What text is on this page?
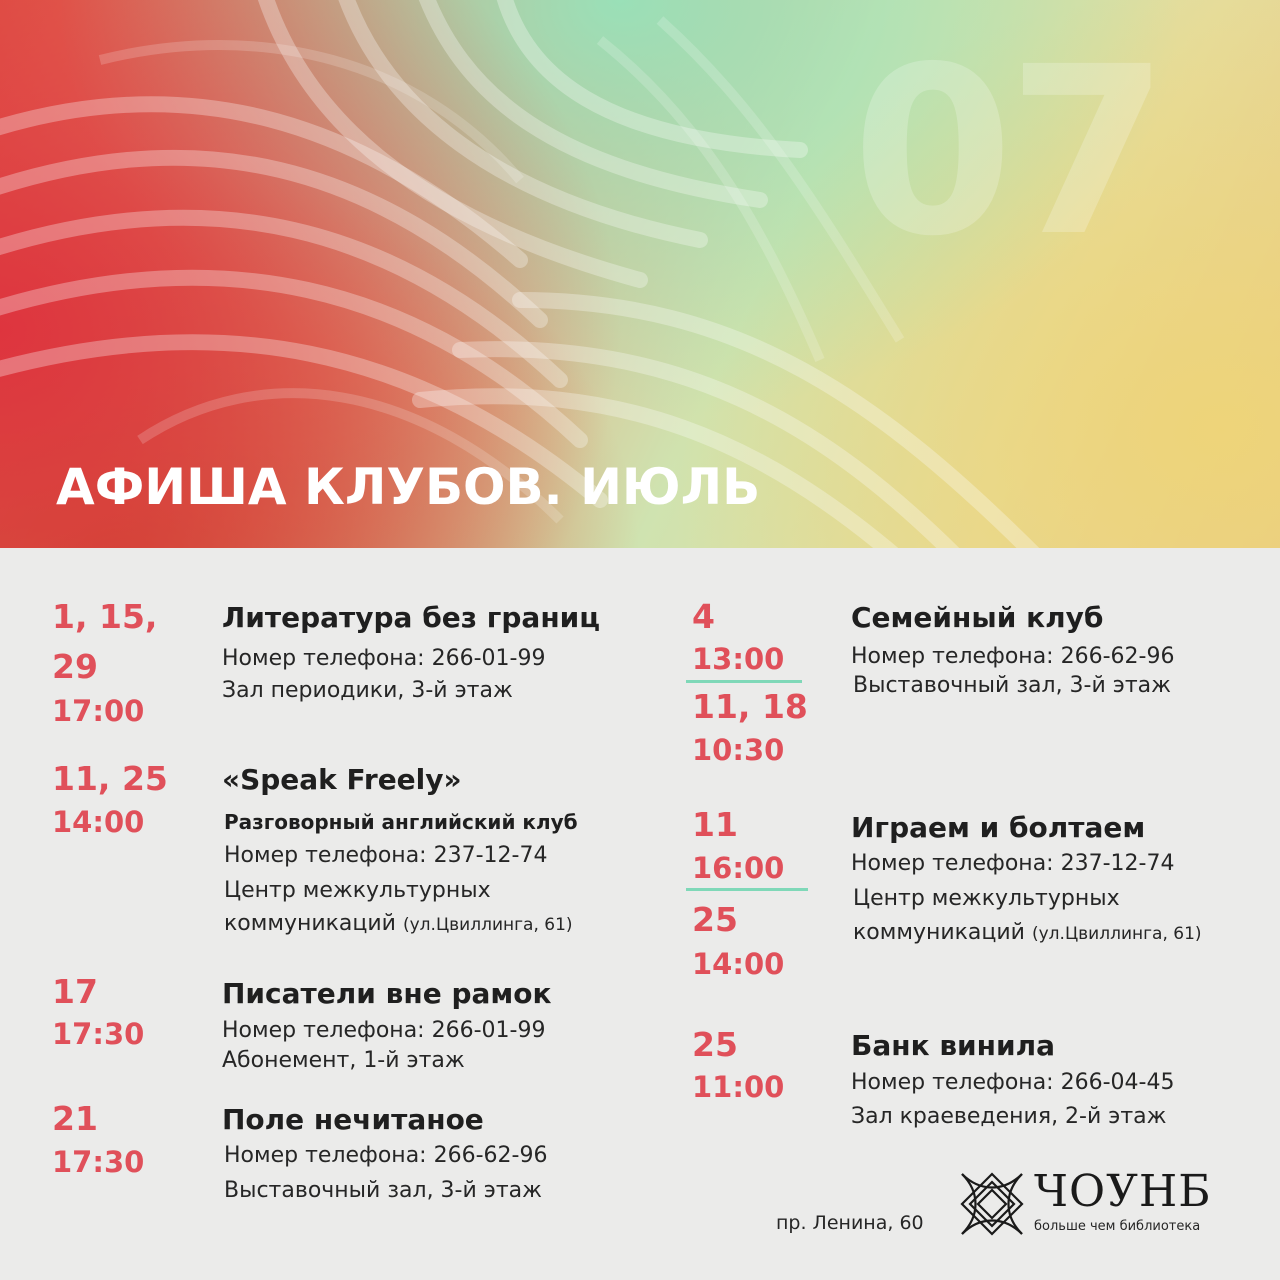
07
АФИША КЛУБОВ. ИЮЛЬ
1, 15,
29
17:00
Литература без границ
Номер телефона: 266-01-99
Зал периодики, 3-й этаж
11, 25
14:00
«Speak Freely»
Разговорный английский клуб
Номер телефона: 237-12-74
Центр межкультурных
коммуникаций (ул.Цвиллинга, 61)
17
17:30
Писатели вне рамок
Номер телефона: 266-01-99
Абонемент, 1-й этаж
21
17:30
Поле нечитаное
Номер телефона: 266-62-96
Выставочный зал, 3-й этаж
4
13:00
11, 18
10:30
Семейный клуб
Номер телефона: 266-62-96
Выставочный зал, 3-й этаж
11
16:00
25
14:00
Играем и болтаем
Номер телефона: 237-12-74
Центр межкультурных
коммуникаций (ул.Цвиллинга, 61)
25
11:00
Банк винила
Номер телефона: 266-04-45
Зал краеведения, 2-й этаж
пр. Ленина, 60
ЧОУНБ
больше чем библиотека
